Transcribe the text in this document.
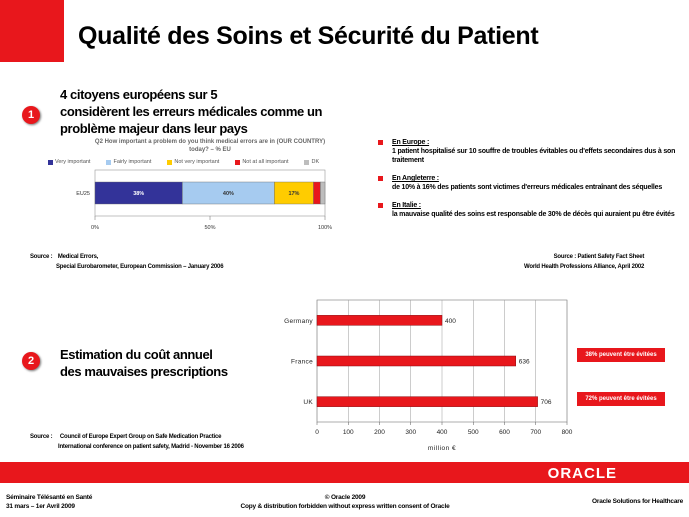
Qualité des Soins et Sécurité du Patient
1
4 citoyens européens sur 5
considèrent les erreurs médicales comme un
problème majeur dans leur pays
Q2 How important a problem do you think medical errors are in (OUR COUNTRY) today? – % EU
Very important	Fairly important	Not very important	Not at all important	DK
EU25	38%	40%	17%
0%	50%	100%
Source : Medical Errors,
Special Eurobarometer, European Commission – January 2006
En Europe :
1 patient hospitalisé sur 10 souffre de troubles évitables ou d'effets secondaires dus à son traitement
En Angleterre :
de 10% à 16% des patients sont victimes d'erreurs médicales entraînant des séquelles
En Italie :
la mauvaise qualité des soins est responsable de 30% de décès qui auraient pu être évités
Source : Patient Safety Fact Sheet
World Health Professions Alliance, April 2002
2	Estimation du coût annuel
des mauvaises prescriptions
0	100	200	300	400	500	600	700	800
million €
Germany	400
France	636
UK	706
38% peuvent être évitées
72% peuvent être évitées
Source : Council of Europe Expert Group on Safe Medication Practice
International conference on patient safety, Madrid - November 16 2006
ORACLE
Séminaire Télésanté en Santé
31 mars – 1er Avril 2009
© Oracle 2009
Copy & distribution forbidden without express written consent of Oracle
Oracle Solutions for Healthcare
